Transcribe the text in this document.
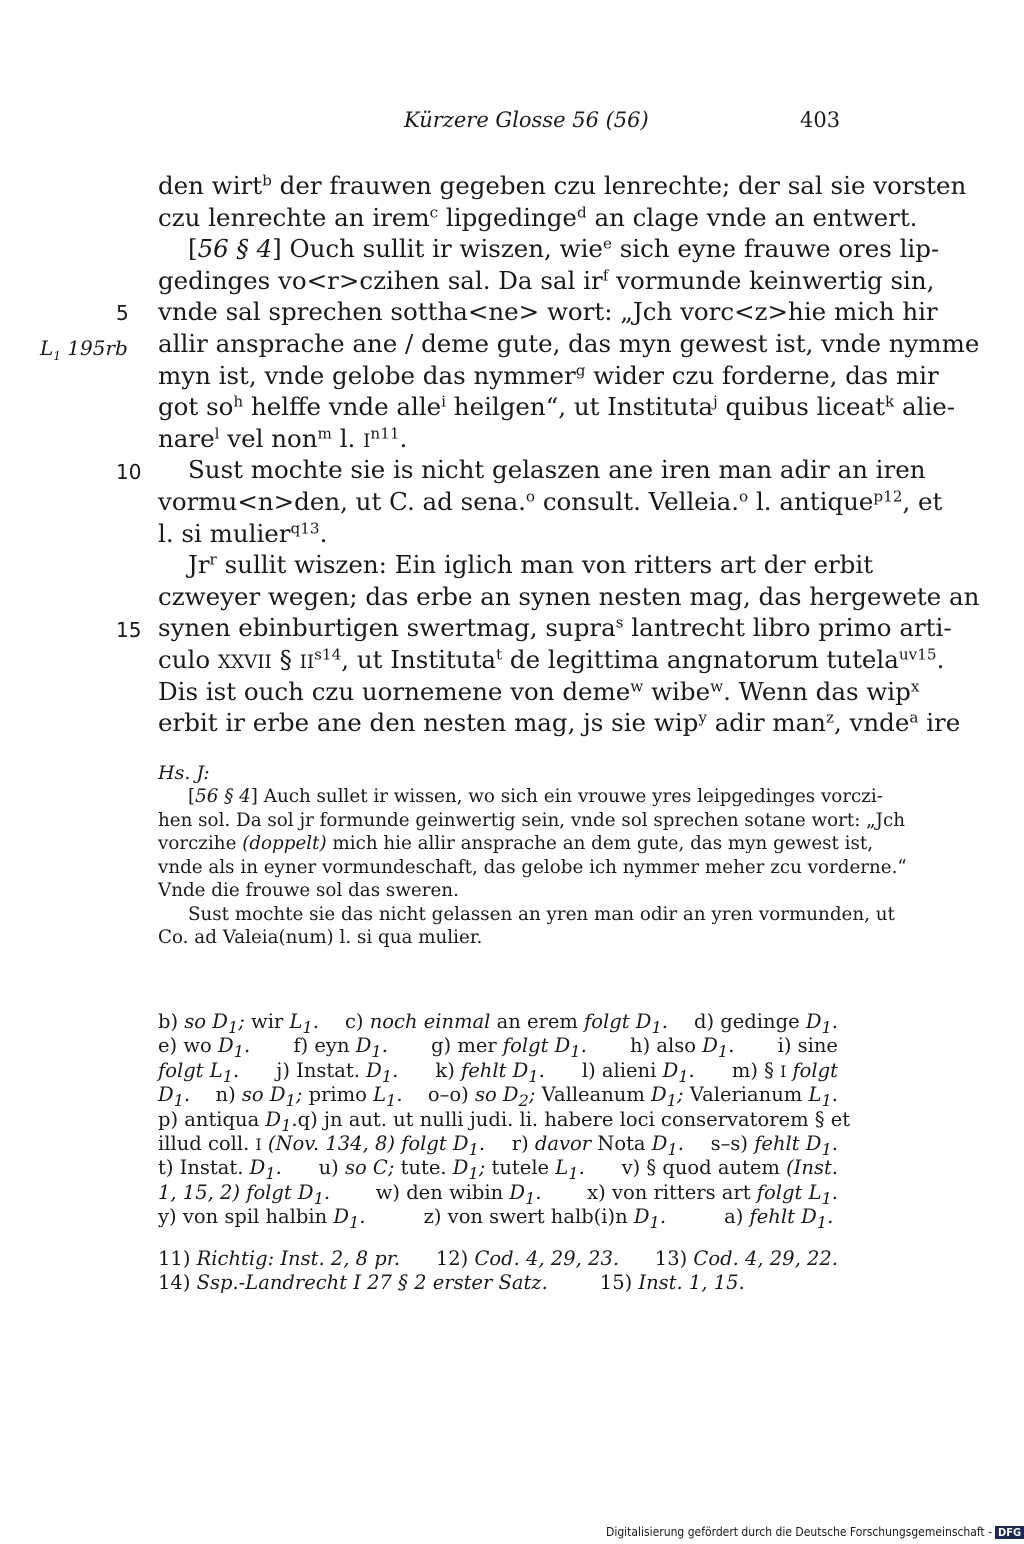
Kürzere Glosse 56 (56)	403
5
10
15
$L_1$ 195rb
den wirt$^b$ der frauwen gegeben czu lenrechte; der sal sie vorsten
czu lenrechte an irem$^c$ lipgedinge$^d$ an clage vnde an entwert.
[56 § 4] Ouch sullit ir wiszen, wie$^e$ sich eyne frauwe ores lip-
gedinges vo<r>czihen sal. Da sal $ir^f$ vormunde keinwertig sin,
vnde sal sprechen sottha<ne> wort: „Jch vorc<z>hie mich hir
allir ansprache ane / deme gute, das myn gewest ist, vnde nymme
myn ist, vnde gelobe das nymmer$^g$ wider czu forderne, das mir
got $so^h$ helffe vnde alle$^i$ heilgen“, ut Instituta$^j$ quibus liceat$^k$ alie-
nare$^l$ vel non$^m$ l. $I^{n11}$.
Sust mochte sie is nicht gelaszen ane iren man adir an iren
vormu<n>den, ut C. ad sena.$^o$ consult. Velleia.$^o$ l. antique$^{p12}$, et
l. si mulier$^{q13}$.
Jr$^r$ sullit wiszen: Ein iglich man von ritters art der erbit
czweyer wegen; das erbe an synen nesten mag, das hergewete an
synen ebinburtigen swertmag, supra$^s$ lantrecht libro primo arti-
culo XXVII § $II^{s14}$, ut Instituta$^t$ de legittima angnatorum tutela$^{uv15}$.
Dis ist ouch czu uornemene von deme$^w$ wibe$^w$. Wenn das wip$^x$
erbit ir erbe ane den nesten mag, js sie wip$^y$ adir man$^z$, vnde$^a$ ire
Hs. J:
[56 § 4] Auch sullet ir wissen, wo sich ein vrouwe yres leipgedinges vorczi-
hen sol. Da sol jr formunde geinwertig sein, vnde sol sprechen sotane wort: „Jch
vorczihe (doppelt) mich hie allir ansprache an dem gute, das myn gewest ist,
vnde als in eyner vormundeschaft, das gelobe ich nymmer meher zcu vorderne.“
Vnde die frouwe sol das sweren.
Sust mochte sie das nicht gelassen an yren man odir an yren vormunden, ut
Co. ad Valeia(num) l. si qua mulier.
b) so $D_1$; wir $L_1$. c) noch einmal an erem folgt $D_1$. d) gedinge $D_1$.
e) wo $D_1$. f) eyn $D_1$. g) mer folgt $D_1$. h) also $D_1$. i) sine
folgt $L_1$. j) Instat. $D_1$. k) fehlt $D_1$. l) alieni $D_1$. m) § I folgt
$D_1$. n) so $D_1$; primo $L_1$. o–o) so $D_2$; Valleanum $D_1$; Valerianum $L_1$.
p) antiqua $D_1$. q) jn aut. ut nulli judi. li. habere loci conservatorem § et
illud coll. I (Nov. 134, 8) folgt $D_1$. r) davor Nota $D_1$. s–s) fehlt $D_1$.
t) Instat. $D_1$. u) so C; tute. $D_1$; tutele $L_1$. v) § quod autem (Inst.
1, 15, 2) folgt $D_1$. w) den wibin $D_1$. x) von ritters art folgt $L_1$.
y) von spil halbin $D_1$.	z) von swert halb(i)n $D_1$.	a) fehlt $D_1$.
11) Richtig: Inst. 2, 8 pr. 12) Cod. 4, 29, 23. 13) Cod. 4, 29, 22.
14) Ssp.-Landrecht I 27 § 2 erster Satz.	15) Inst. 1, 15.
Digitalisierung gefördert durch die Deutsche Forschungsgemeinschaft - DFG
